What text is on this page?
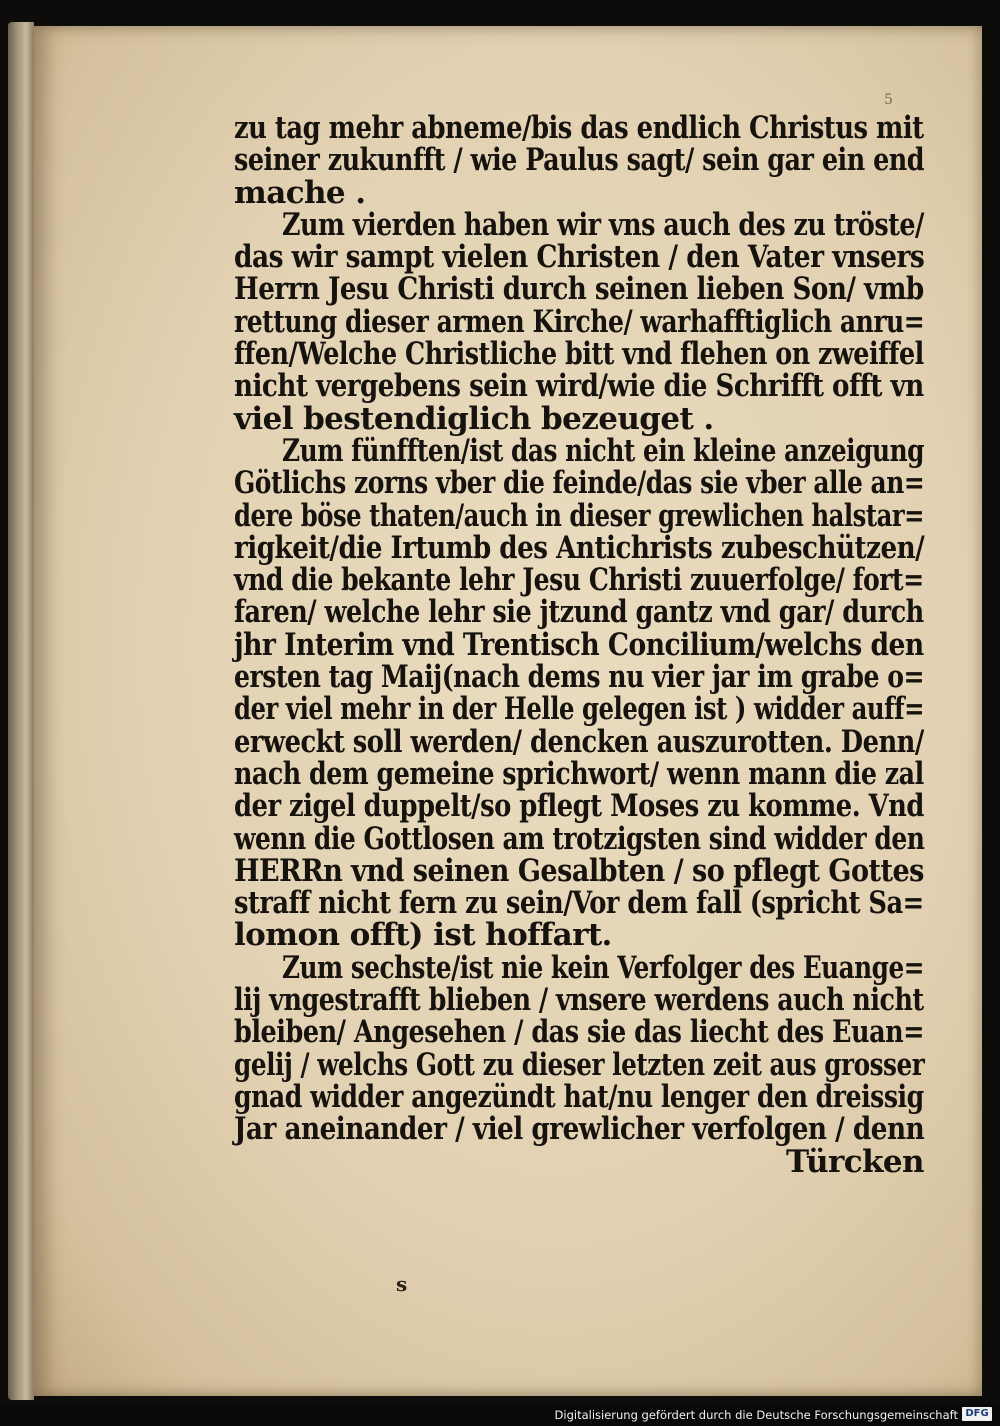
5
zu tag mehr abneme/bis das endlich Christus mit
seiner zukunfft / wie Paulus sagt/ sein gar ein end
mache .
Zum vierden haben wir vns auch des zu tröste/
das wir sampt vielen Christen / den Vater vnsers
Herrn Jesu Christi durch seinen lieben Son/ vmb
rettung dieser armen Kirche/ warhafftiglich anru=
ffen/Welche Christliche bitt vnd flehen on zweiffel
nicht vergebens sein wird/wie die Schrifft offt vn
viel bestendiglich bezeuget .
Zum fünfften/ist das nicht ein kleine anzeigung
Götlichs zorns vber die feinde/das sie vber alle an=
dere böse thaten/auch in dieser grewlichen halstar=
rigkeit/die Irtumb des Antichrists zubeschützen/
vnd die bekante lehr Jesu Christi zuuerfolge/ fort=
faren/ welche lehr sie jtzund gantz vnd gar/ durch
jhr Interim vnd Trentisch Concilium/welchs den
ersten tag Maij(nach dems nu vier jar im grabe o=
der viel mehr in der Helle gelegen ist ) widder auff=
erweckt soll werden/ dencken auszurotten. Denn/
nach dem gemeine sprichwort/ wenn mann die zal
der zigel duppelt/so pflegt Moses zu komme. Vnd
wenn die Gottlosen am trotzigsten sind widder den
HERRn vnd seinen Gesalbten / so pflegt Gottes
straff nicht fern zu sein/Vor dem fall (spricht Sa=
lomon offt) ist hoffart.
Zum sechste/ist nie kein Verfolger des Euange=
lij vngestrafft blieben / vnsere werdens auch nicht
bleiben/ Angesehen / das sie das liecht des Euan=
gelij / welchs Gott zu dieser letzten zeit aus grosser
gnad widder angezündt hat/nu lenger den dreissig
Jar aneinander / viel grewlicher verfolgen / denn
Türcken
s
Digitalisierung gefördert durch die Deutsche Forschungsgemeinschaft DFG
